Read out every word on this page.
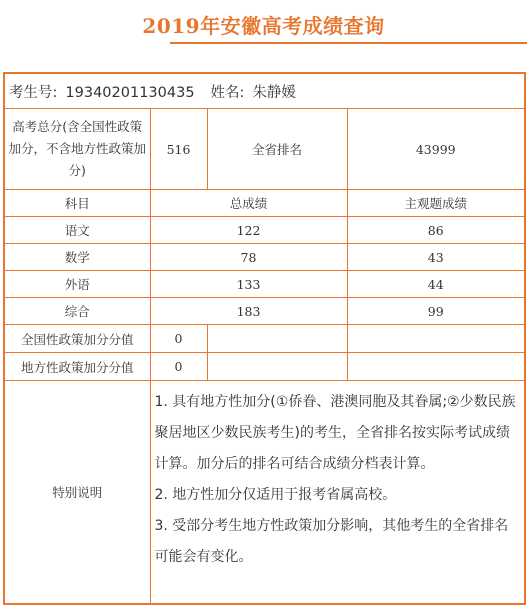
2019年安徽高考成绩查询
考生号: 19340201130435 姓名: 朱静媛			
高考总分(含全国性政策加分，不含地方性政策加分)	516	全省排名	43999
科目	总成绩		主观题成绩
语文	122		86
数学	78		43
外语	133		44
综合	183		99
全国性政策加分分值	0		
地方性政策加分分值	0		
特别说明	1. 具有地方性加分(①侨眷、港澳同胞及其眷属;②少数民族聚居地区少数民族考生)的考生，全省排名按实际考试成绩计算。加分后的排名可结合成绩分档表计算。
2. 地方性加分仅适用于报考省属高校。
3. 受部分考生地方性政策加分影响，其他考生的全省排名可能会有变化。		
